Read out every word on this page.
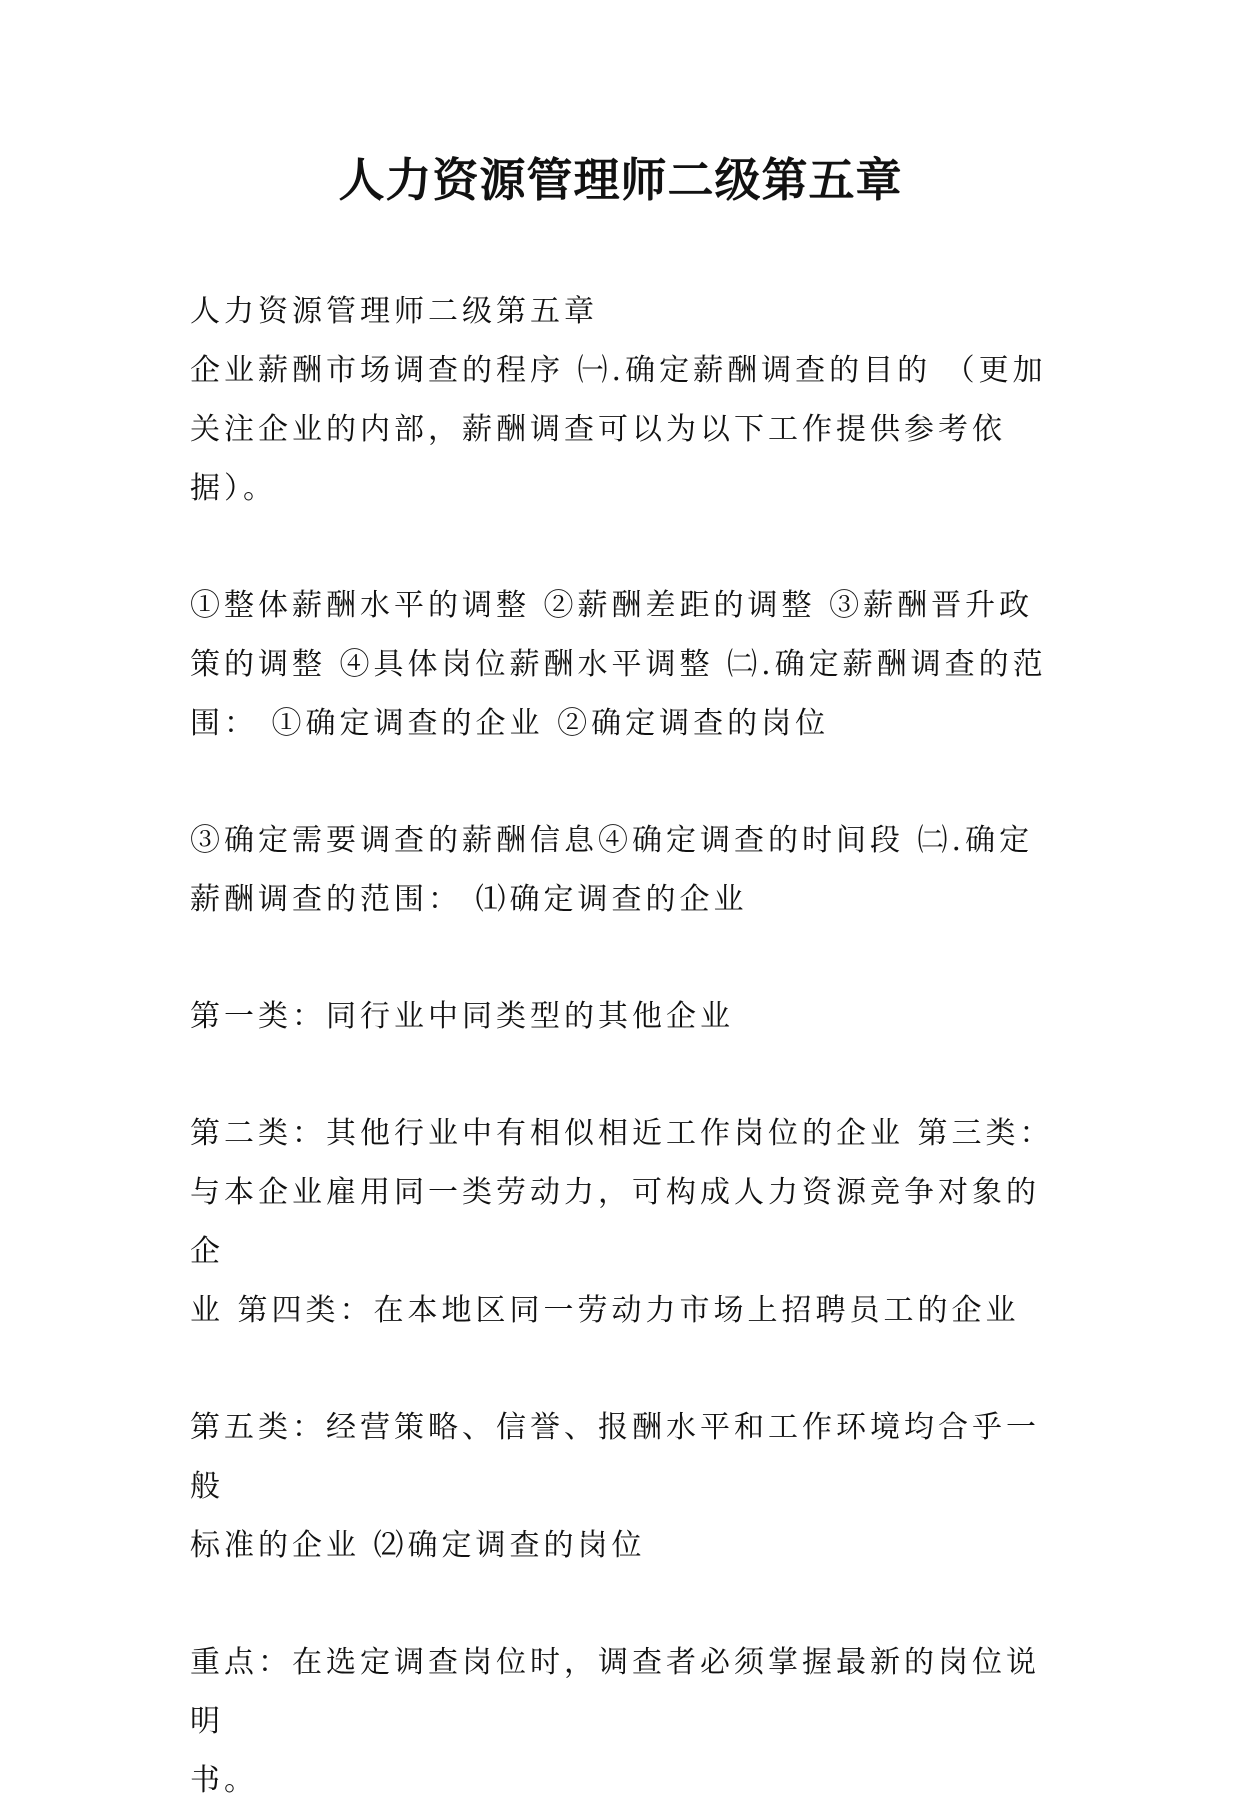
人力资源管理师二级第五章
人力资源管理师二级第五章
企业薪酬市场调查的程序 ㈠.确定薪酬调查的目的 （更加
关注企业的内部，薪酬调查可以为以下工作提供参考依据）。
①整体薪酬水平的调整 ②薪酬差距的调整 ③薪酬晋升政
策的调整 ④具体岗位薪酬水平调整 ㈡.确定薪酬调查的范
围： ①确定调查的企业 ②确定调查的岗位
③确定需要调查的薪酬信息④确定调查的时间段 ㈡.确定
薪酬调查的范围： ⑴确定调查的企业
第一类：同行业中同类型的其他企业
第二类：其他行业中有相似相近工作岗位的企业 第三类：
与本企业雇用同一类劳动力，可构成人力资源竞争对象的企
业 第四类：在本地区同一劳动力市场上招聘员工的企业
第五类：经营策略、信誉、报酬水平和工作环境均合乎一般
标准的企业 ⑵确定调查的岗位
重点：在选定调查岗位时，调查者必须掌握最新的岗位说明
书。
